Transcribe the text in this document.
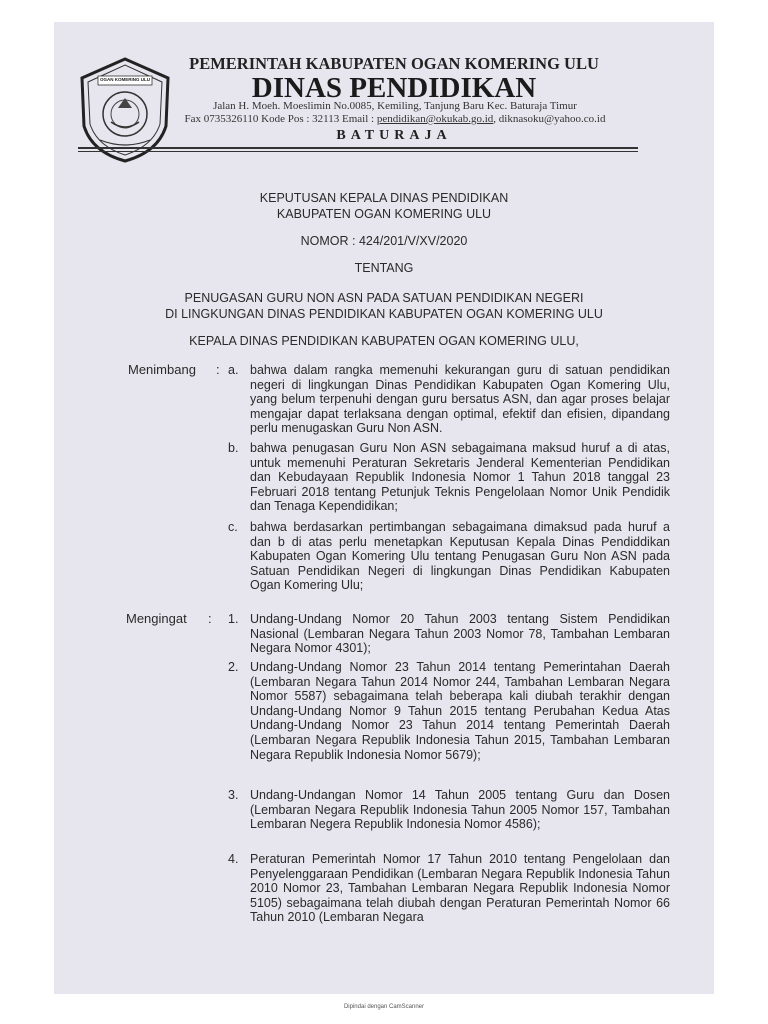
OGAN KOMERING ULU
PEMERINTAH KABUPATEN OGAN KOMERING ULU
DINAS PENDIDIKAN
Jalan H. Moeh. Moeslimin No.0085, Kemiling, Tanjung Baru Kec. Baturaja Timur
Fax 0735326110 Kode Pos : 32113 Email : pendidikan@okukab.go.id, diknasoku@yahoo.co.id
BATURAJA
KEPUTUSAN KEPALA DINAS PENDIDIKAN
KABUPATEN OGAN KOMERING ULU
NOMOR : 424/201/V/XV/2020
TENTANG
PENUGASAN GURU NON ASN PADA SATUAN PENDIDIKAN NEGERI
DI LINGKUNGAN DINAS PENDIDIKAN KABUPATEN OGAN KOMERING ULU
KEPALA DINAS PENDIDIKAN KABUPATEN OGAN KOMERING ULU,
Menimbang : a. bahwa dalam rangka memenuhi kekurangan guru di satuan pendidikan negeri di lingkungan Dinas Pendidikan Kabupaten Ogan Komering Ulu, yang belum terpenuhi dengan guru bersatus ASN, dan agar proses belajar mengajar dapat terlaksana dengan optimal, efektif dan efisien, dipandang perlu menugaskan Guru Non ASN.
b. bahwa penugasan Guru Non ASN sebagaimana maksud huruf a di atas, untuk memenuhi Peraturan Sekretaris Jenderal Kementerian Pendidikan dan Kebudayaan Republik Indonesia Nomor 1 Tahun 2018 tanggal 23 Februari 2018 tentang Petunjuk Teknis Pengelolaan Nomor Unik Pendidik dan Tenaga Kependidikan;
c. bahwa berdasarkan pertimbangan sebagaimana dimaksud pada huruf a dan b di atas perlu menetapkan Keputusan Kepala Dinas Pendiddikan Kabupaten Ogan Komering Ulu tentang Penugasan Guru Non ASN pada Satuan Pendidikan Negeri di lingkungan Dinas Pendidikan Kabupaten Ogan Komering Ulu;
Mengingat : 1. Undang-Undang Nomor 20 Tahun 2003 tentang Sistem Pendidikan Nasional (Lembaran Negara Tahun 2003 Nomor 78, Tambahan Lembaran Negara Nomor 4301);
2. Undang-Undang Nomor 23 Tahun 2014 tentang Pemerintahan Daerah (Lembaran Negara Tahun 2014 Nomor 244, Tambahan Lembaran Negara Nomor 5587) sebagaimana telah beberapa kali diubah terakhir dengan Undang-Undang Nomor 9 Tahun 2015 tentang Perubahan Kedua Atas Undang-Undang Nomor 23 Tahun 2014 tentang Pemerintah Daerah (Lembaran Negara Republik Indonesia Tahun 2015, Tambahan Lembaran Negara Republik Indonesia Nomor 5679);
3. Undang-Undangan Nomor 14 Tahun 2005 tentang Guru dan Dosen (Lembaran Negara Republik Indonesia Tahun 2005 Nomor 157, Tambahan Lembaran Negera Republik Indonesia Nomor 4586);
4. Peraturan Pemerintah Nomor 17 Tahun 2010 tentang Pengelolaan dan Penyelenggaraan Pendidikan (Lembaran Negara Republik Indonesia Tahun 2010 Nomor 23, Tambahan Lembaran Negara Republik Indonesia Nomor 5105) sebagaimana telah diubah dengan Peraturan Pemerintah Nomor 66 Tahun 2010 (Lembaran Negara
Dipindai dengan CamScanner
